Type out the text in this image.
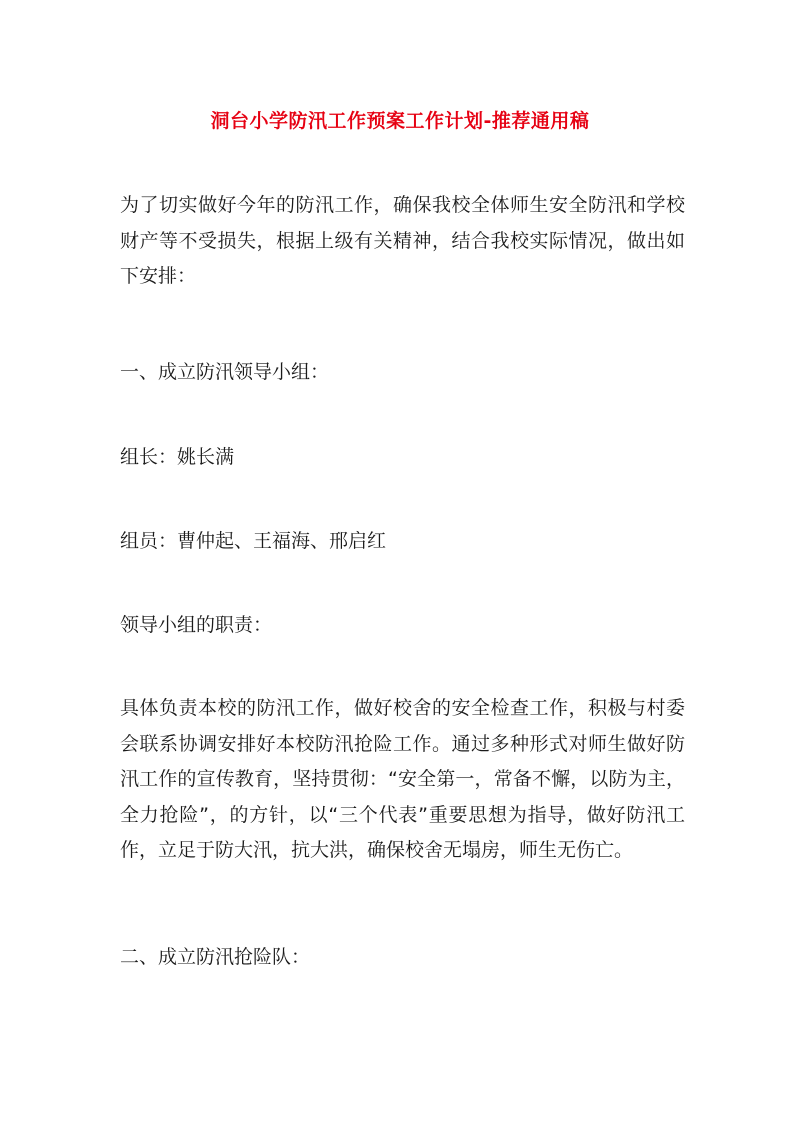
洞台小学防汛工作预案工作计划-推荐通用稿

为了切实做好今年的防汛工作，确保我校全体师生安全防汛和学校财产等不受损失，根据上级有关精神，结合我校实际情况，做出如下安排：

一、成立防汛领导小组：

组长：姚长满

组员：曹仲起、王福海、邢启红

领导小组的职责：

具体负责本校的防汛工作，做好校舍的安全检查工作，积极与村委会联系协调安排好本校防汛抢险工作。通过多种形式对师生做好防汛工作的宣传教育，坚持贯彻：“安全第一，常备不懈，以防为主，全力抢险”，的方针，以“三个代表”重要思想为指导，做好防汛工作，立足于防大汛，抗大洪，确保校舍无塌房，师生无伤亡。

二、成立防汛抢险队：
